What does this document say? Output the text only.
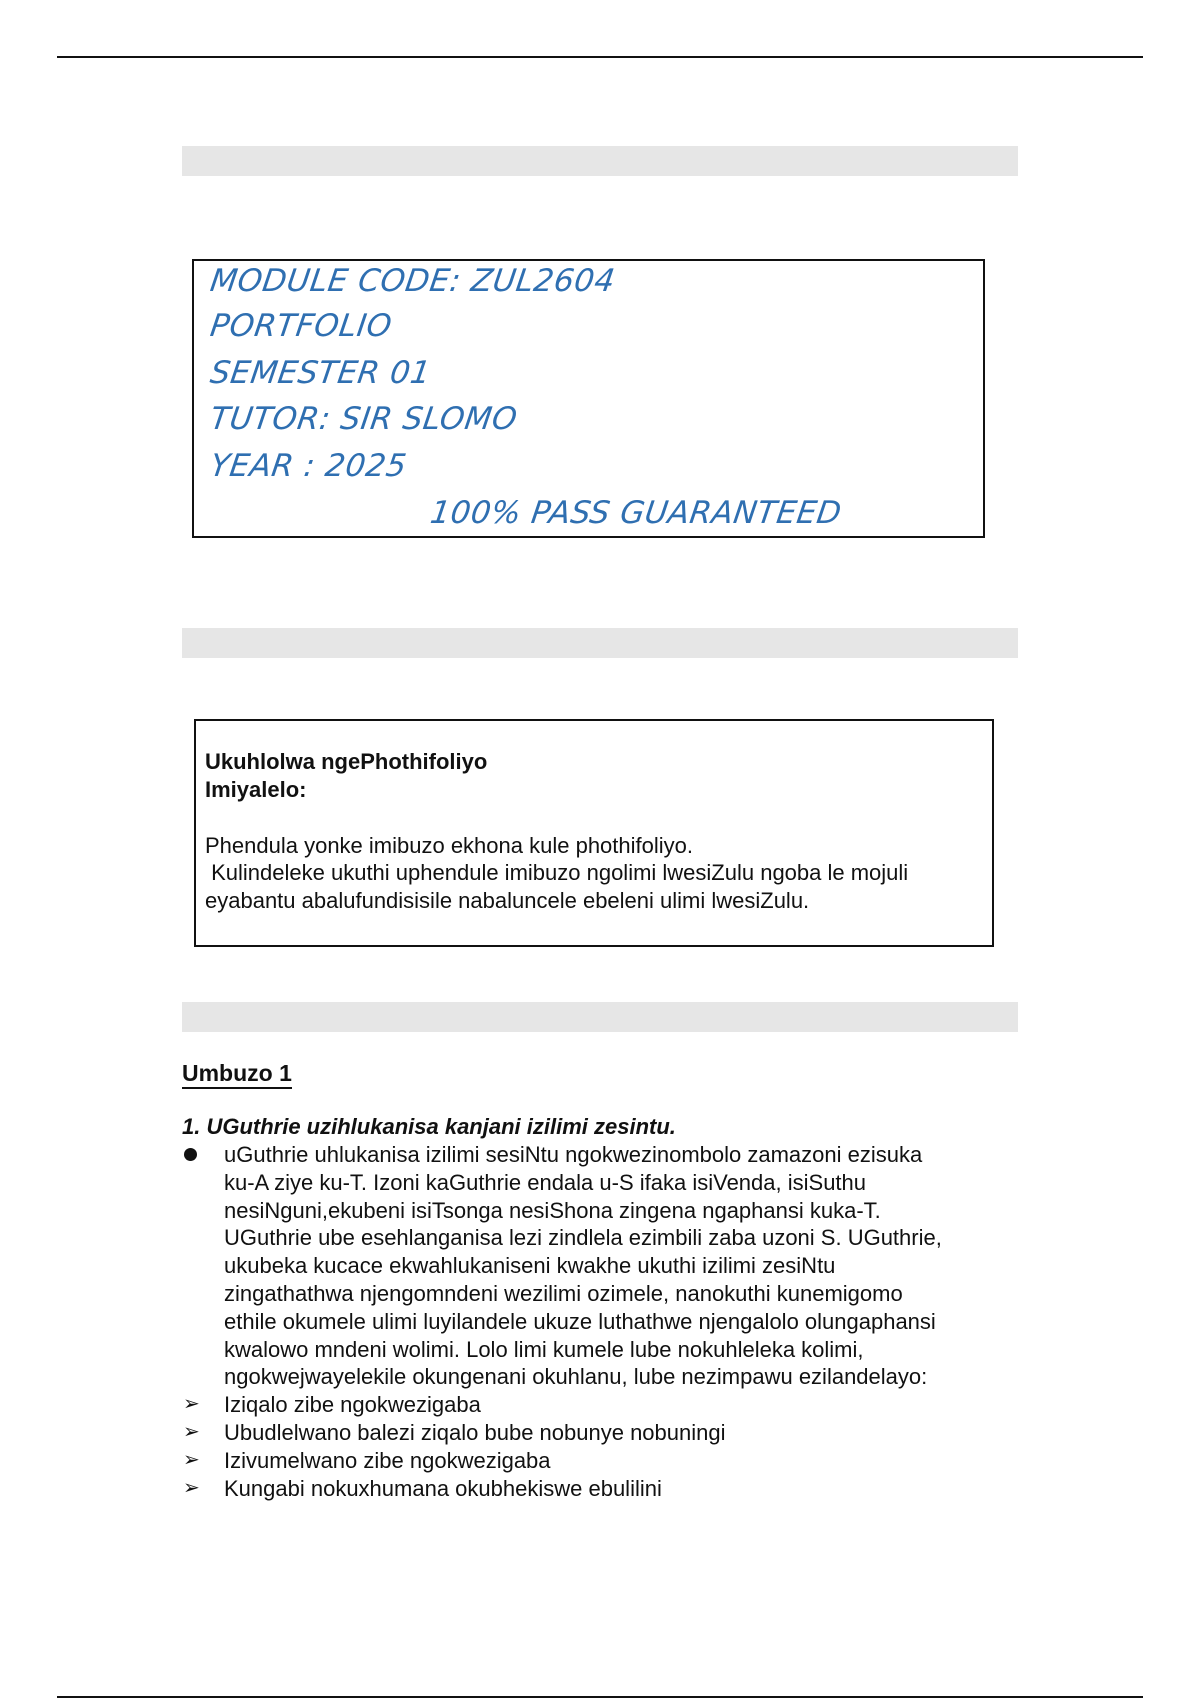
MODULE CODE: ZUL2604

PORTFOLIO

SEMESTER 01

TUTOR: SIR SLOMO

YEAR : 2025

100% PASS GUARANTEED

Ukuhlolwa ngePhothifoliyo
Imiyalelo:
Phendula yonke imibuzo ekhona kule phothifoliyo.
Kulindeleke ukuthi uphendule imibuzo ngolimi lwesiZulu ngoba le mojuli
eyabantu abalufundisisile nabaluncele ebeleni ulimi lwesiZulu.

Umbuzo 1

1. UGuthrie uzihlukanisa kanjani izilimi zesintu.

uGuthrie uhlukanisa izilimi sesiNtu ngokwezinombolo zamazoni ezisuka
ku-A ziye ku-T. Izoni kaGuthrie endala u-S ifaka isiVenda, isiSuthu
nesiNguni,ekubeni isiTsonga nesiShona zingena ngaphansi kuka-T.
UGuthrie ube esehlanganisa lezi zindlela ezimbili zaba uzoni S. UGuthrie,
ukubeka kucace ekwahlukaniseni kwakhe ukuthi izilimi zesiNtu
zingathathwa njengomndeni wezilimi ozimele, nanokuthi kunemigomo
ethile okumele ulimi luyilandele ukuze luthathwe njengalolo olungaphansi
kwalowo mndeni wolimi. Lolo limi kumele lube nokuhleleka kolimi,
ngokwejwayelekile okungenani okuhlanu, lube nezimpawu ezilandelayo:
➢ Iziqalo zibe ngokwezigaba
➢ Ubudlelwano balezi ziqalo bube nobunye nobuningi
➢ Izivumelwano zibe ngokwezigaba
➢ Kungabi nokuxhumana okubhekiswe ebulilini
